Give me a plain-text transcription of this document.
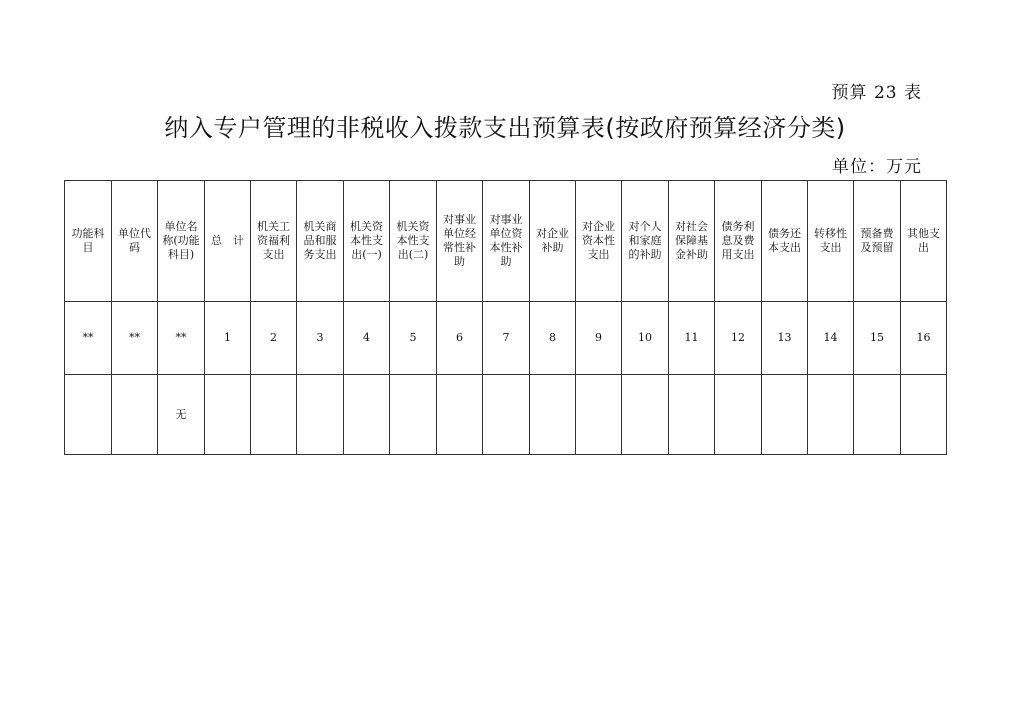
预算 23 表
纳入专户管理的非税收入拨款支出预算表(按政府预算经济分类)
单位：万元
功能科目	单位代码	单位名称(功能科目)	总　计	机关工资福利支出	机关商品和服务支出	机关资本性支出(一)	机关资本性支出(二)	对事业单位经常性补助	对事业单位资本性补助	对企业补助	对企业资本性支出	对个人和家庭的补助	对社会保障基金补助	债务利息及费用支出	债务还本支出	转移性支出	预备费及预留	其他支出
**	**	**	1	2	3	4	5	6	7	8	9	10	11	12	13	14	15	16
		无																
